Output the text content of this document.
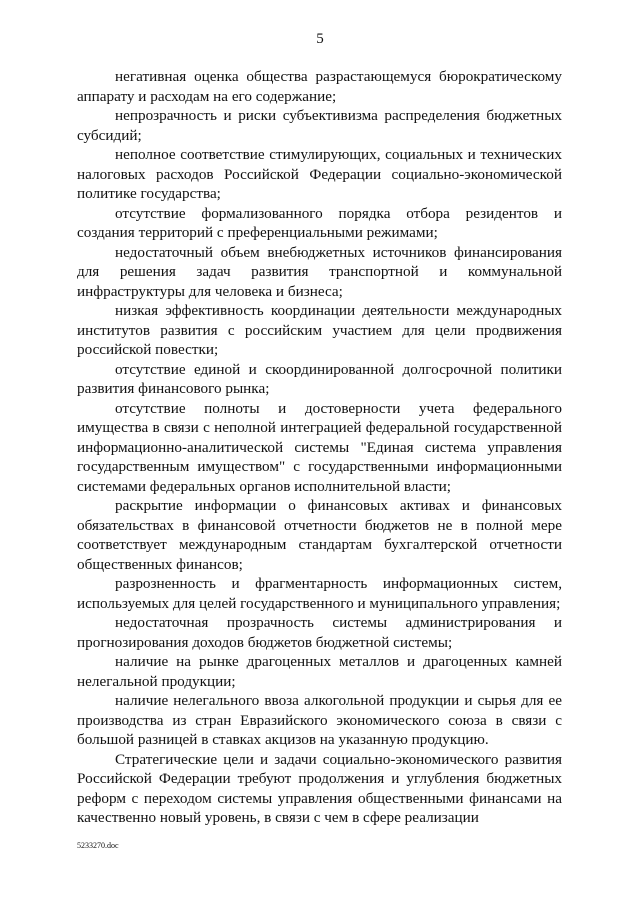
5

негативная оценка общества разрастающемуся бюрократическому аппарату и расходам на его содержание;

непрозрачность и риски субъективизма распределения бюджетных субсидий;

неполное соответствие стимулирующих, социальных и технических налоговых расходов Российской Федерации социально-экономической политике государства;

отсутствие формализованного порядка отбора резидентов и создания территорий с преференциальными режимами;

недостаточный объем внебюджетных источников финансирования для решения задач развития транспортной и коммунальной инфраструктуры для человека и бизнеса;

низкая эффективность координации деятельности международных институтов развития с российским участием для цели продвижения российской повестки;

отсутствие единой и скоординированной долгосрочной политики развития финансового рынка;

отсутствие полноты и достоверности учета федерального имущества в связи с неполной интеграцией федеральной государственной информационно-аналитической системы "Единая система управления государственным имуществом" с государственными информационными системами федеральных органов исполнительной власти;

раскрытие информации о финансовых активах и финансовых обязательствах в финансовой отчетности бюджетов не в полной мере соответствует международным стандартам бухгалтерской отчетности общественных финансов;

разрозненность и фрагментарность информационных систем, используемых для целей государственного и муниципального управления;

недостаточная прозрачность системы администрирования и прогнозирования доходов бюджетов бюджетной системы;

наличие на рынке драгоценных металлов и драгоценных камней нелегальной продукции;

наличие нелегального ввоза алкогольной продукции и сырья для ее производства из стран Евразийского экономического союза в связи с большой разницей в ставках акцизов на указанную продукцию.

Стратегические цели и задачи социально-экономического развития Российской Федерации требуют продолжения и углубления бюджетных реформ с переходом системы управления общественными финансами на качественно новый уровень, в связи с чем в сфере реализации

5233270.doc
